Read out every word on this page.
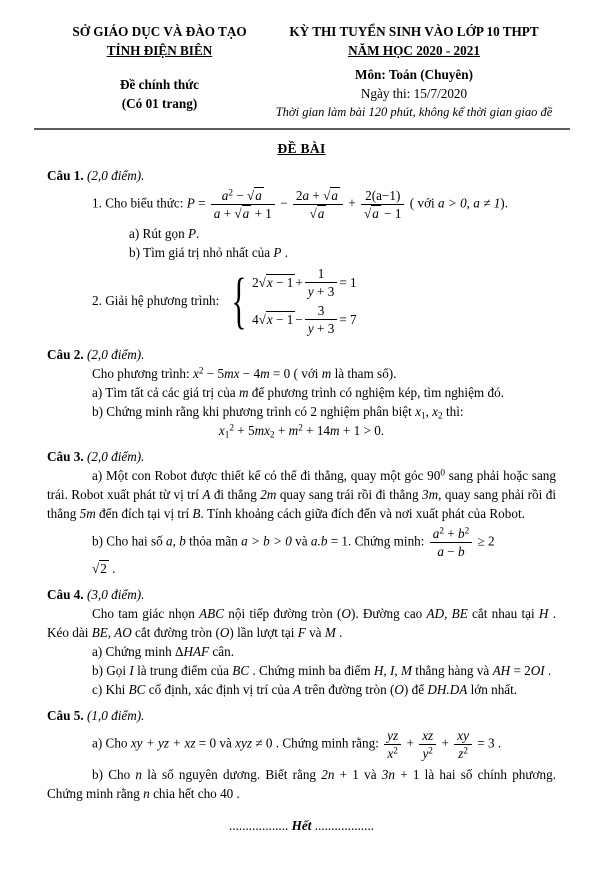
SỞ GIÁO DỤC VÀ ĐÀO TẠO
TỈNH ĐIỆN BIÊN
Đề chính thức
(Có 01 trang)
KỲ THI TUYỂN SINH VÀO LỚP 10 THPT
NĂM HỌC 2020 - 2021
Môn: Toán (Chuyên)
Ngày thi: 15/7/2020
Thời gian làm bài 120 phút, không kể thời gian giao đề
ĐỀ BÀI

Câu 1. (2,0 điểm).

1. Cho biểu thức: $P = \frac{a^2 - √a}{a + √a + 1} - \frac{2a + √a}{√a} + \frac{2(a-1)}{√a - 1}$ ( với a > 0, a ≠ 1).

a) Rút gọn P.

b) Tìm giá trị nhỏ nhất của P .

2. Giải hệ phương trình: { 2 $√x - 1 + \frac{1}{y + 3} = 1$
4 $√x - 1 - \frac{3}{y + 3} = 7$

Câu 2. (2,0 điểm).

Cho phương trình: $x^2 - 5mx - 4m = 0$ ( với m là tham số).

a) Tìm tất cả các giá trị của m để phương trình có nghiệm kép, tìm nghiệm đó.

b) Chứng minh rằng khi phương trình có 2 nghiệm phân biệt $x_1$, $x_2$ thì:

$x_1^2 + 5mx_2 + m^2 + 14m + 1 > 0$.

Câu 3. (2,0 điểm).

a) Một con Robot được thiết kế có thể đi thẳng, quay một góc $90^0$ sang phải hoặc sang trái. Robot xuất phát từ vị trí A đi thẳng 2m quay sang trái rồi đi thẳng 3m, quay sang phải rồi đi thẳng 5m đến đích tại vị trí B. Tính khoảng cách giữa đích đến và nơi xuất phát của Robot.

b) Cho hai số a, b thỏa mãn a > b > 0 và a.b = 1. Chứng minh: $\frac{a^2 + b^2}{a - b} \ge 2√2$ .

Câu 4. (3,0 điểm).

Cho tam giác nhọn ABC nội tiếp đường tròn (O). Đường cao AD, BE cắt nhau tại H . Kéo dài BE, AO cắt đường tròn (O) lần lượt tại F và M .

a) Chứng minh ΔHAF cân.

b) Gọi I là trung điểm của BC . Chứng minh ba điểm H, I, M thẳng hàng và AH = 2OI .

c) Khi BC cố định, xác định vị trí của A trên đường tròn (O) để DH.DA lớn nhất.

Câu 5. (1,0 điểm).

a) Cho xy + yz + xz = 0 và xyz ≠ 0 . Chứng minh rằng: $\frac{yz}{x^2} + \frac{xz}{y^2} + \frac{xy}{z^2} = 3$ .

b) Cho n là số nguyên dương. Biết rằng 2n + 1 và 3n + 1 là hai số chính phương. Chứng minh rằng n chia hết cho 40 .

.................. Hết ..................
